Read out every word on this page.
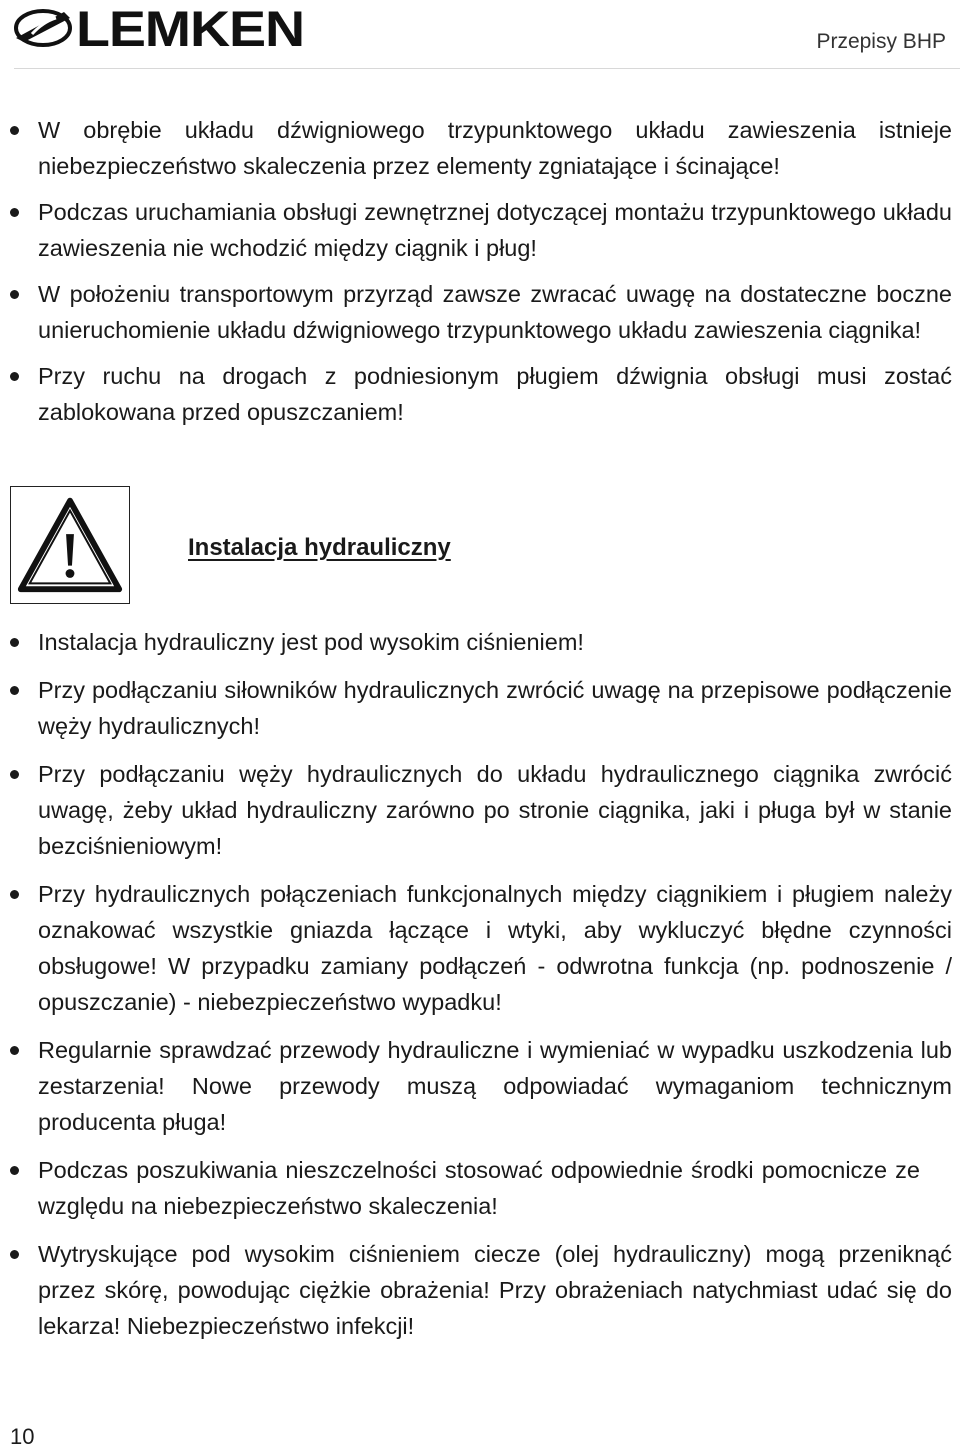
LEMKEN	Przepisy BHP
W obrębie układu dźwigniowego trzypunktowego układu zawieszenia istnieje niebezpieczeństwo skaleczenia przez elementy zgniatające i ścinające!
Podczas uruchamiania obsługi zewnętrznej dotyczącej montażu trzypunktowego układu zawieszenia nie wchodzić między ciągnik i pług!
W położeniu transportowym przyrząd zawsze zwracać uwagę na dostateczne boczne unieruchomienie układu dźwigniowego trzypunktowego układu zawieszenia ciągnika!
Przy ruchu na drogach z podniesionym pługiem dźwignia obsługi musi zostać zablokowana przed opuszczaniem!
Instalacja hydrauliczny
Instalacja hydrauliczny jest pod wysokim ciśnieniem!
Przy podłączaniu siłowników hydraulicznych zwrócić uwagę na przepisowe podłączenie węży hydraulicznych!
Przy podłączaniu węży hydraulicznych do układu hydraulicznego ciągnika zwrócić uwagę, żeby układ hydrauliczny zarówno po stronie ciągnika, jaki i pługa był w stanie bezciśnieniowym!
Przy hydraulicznych połączeniach funkcjonalnych między ciągnikiem i pługiem należy oznakować wszystkie gniazda łączące i wtyki, aby wykluczyć błędne czynności obsługowe! W przypadku zamiany podłączeń - odwrotna funkcja (np. podnoszenie / opuszczanie) - niebezpieczeństwo wypadku!
Regularnie sprawdzać przewody hydrauliczne i wymieniać w wypadku uszkodzenia lub zestarzenia! Nowe przewody muszą odpowiadać wymaganiom technicznym producenta pługa!
Podczas poszukiwania nieszczelności stosować odpowiednie środki pomocnicze ze względu na niebezpieczeństwo skaleczenia!
Wytryskujące pod wysokim ciśnieniem ciecze (olej hydrauliczny) mogą przeniknąć przez skórę, powodując ciężkie obrażenia! Przy obrażeniach natychmiast udać się do lekarza! Niebezpieczeństwo infekcji!
10
